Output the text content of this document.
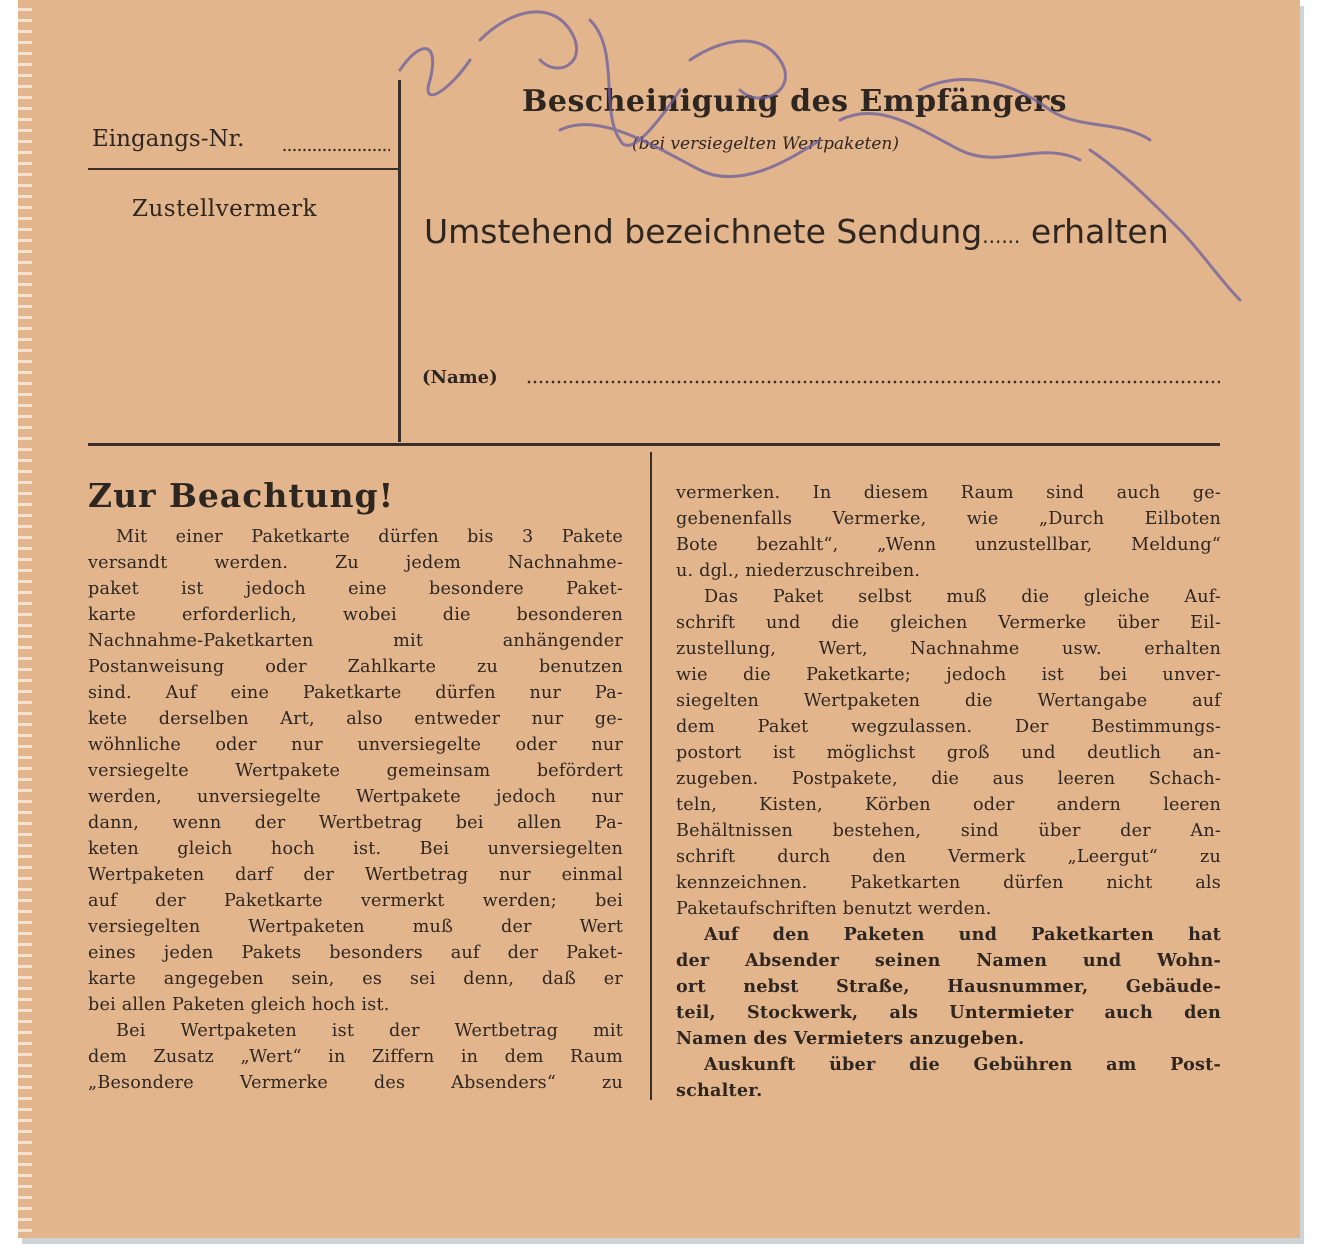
Eingangs-Nr.
Zustellvermerk
Bescheinigung des Empfängers
(bei versiegelten Wertpaketen)
Umstehend bezeichnete Sendung...... erhalten
(Name)
Zur Beachtung!

Mit einer Paketkarte dürfen bis 3 Pakete

versandt werden. Zu jedem Nachnahme-

paket ist jedoch eine besondere Paket-

karte erforderlich, wobei die besonderen

Nachnahme-Paketkarten mit anhängender

Postanweisung oder Zahlkarte zu benutzen

sind. Auf eine Paketkarte dürfen nur Pa-

kete derselben Art, also entweder nur ge-

wöhnliche oder nur unversiegelte oder nur

versiegelte Wertpakete gemeinsam befördert

werden, unversiegelte Wertpakete jedoch nur

dann, wenn der Wertbetrag bei allen Pa-

keten gleich hoch ist. Bei unversiegelten

Wertpaketen darf der Wertbetrag nur einmal

auf der Paketkarte vermerkt werden; bei

versiegelten Wertpaketen muß der Wert

eines jeden Pakets besonders auf der Paket-

karte angegeben sein, es sei denn, daß er

bei allen Paketen gleich hoch ist.

Bei Wertpaketen ist der Wertbetrag mit

dem Zusatz „Wert“ in Ziffern in dem Raum

„Besondere Vermerke des Absenders“ zu

vermerken. In diesem Raum sind auch ge-

gebenenfalls Vermerke, wie „Durch Eilboten

Bote bezahlt“, „Wenn unzustellbar, Meldung“

u. dgl., niederzuschreiben.

Das Paket selbst muß die gleiche Auf-

schrift und die gleichen Vermerke über Eil-

zustellung, Wert, Nachnahme usw. erhalten

wie die Paketkarte; jedoch ist bei unver-

siegelten Wertpaketen die Wertangabe auf

dem Paket wegzulassen. Der Bestimmungs-

postort ist möglichst groß und deutlich an-

zugeben. Postpakete, die aus leeren Schach-

teln, Kisten, Körben oder andern leeren

Behältnissen bestehen, sind über der An-

schrift durch den Vermerk „Leergut“ zu

kennzeichnen. Paketkarten dürfen nicht als

Paketaufschriften benutzt werden.

Auf den Paketen und Paketkarten hat

der Absender seinen Namen und Wohn-

ort nebst Straße, Hausnummer, Gebäude-

teil, Stockwerk, als Untermieter auch den

Namen des Vermieters anzugeben.

Auskunft über die Gebühren am Post-

schalter.
